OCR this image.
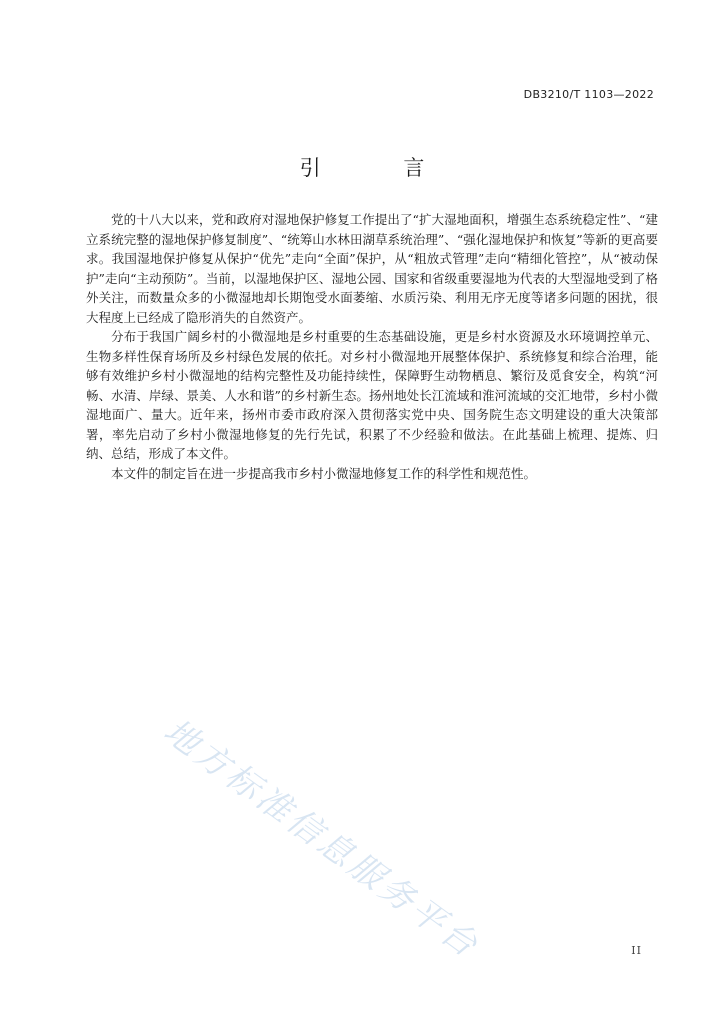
DB3210/T 1103—2022
引 言

党的十八大以来，党和政府对湿地保护修复工作提出了“扩大湿地面积，增强生态系统稳定性”、“建立系统完整的湿地保护修复制度”、“统筹山水林田湖草系统治理”、“强化湿地保护和恢复”等新的更高要求。我国湿地保护修复从保护“优先”走向“全面”保护，从“粗放式管理”走向“精细化管控”，从“被动保护”走向“主动预防”。当前，以湿地保护区、湿地公园、国家和省级重要湿地为代表的大型湿地受到了格外关注，而数量众多的小微湿地却长期饱受水面萎缩、水质污染、利用无序无度等诸多问题的困扰，很大程度上已经成了隐形消失的自然资产。

分布于我国广阔乡村的小微湿地是乡村重要的生态基础设施，更是乡村水资源及水环境调控单元、生物多样性保育场所及乡村绿色发展的依托。对乡村小微湿地开展整体保护、系统修复和综合治理，能够有效维护乡村小微湿地的结构完整性及功能持续性，保障野生动物栖息、繁衍及觅食安全，构筑“河畅、水清、岸绿、景美、人水和谐”的乡村新生态。扬州地处长江流域和淮河流域的交汇地带，乡村小微湿地面广、量大。近年来，扬州市委市政府深入贯彻落实党中央、国务院生态文明建设的重大决策部署，率先启动了乡村小微湿地修复的先行先试，积累了不少经验和做法。在此基础上梳理、提炼、归纳、总结，形成了本文件。

本文件的制定旨在进一步提高我市乡村小微湿地修复工作的科学性和规范性。

地方标准信息服务平台	II
